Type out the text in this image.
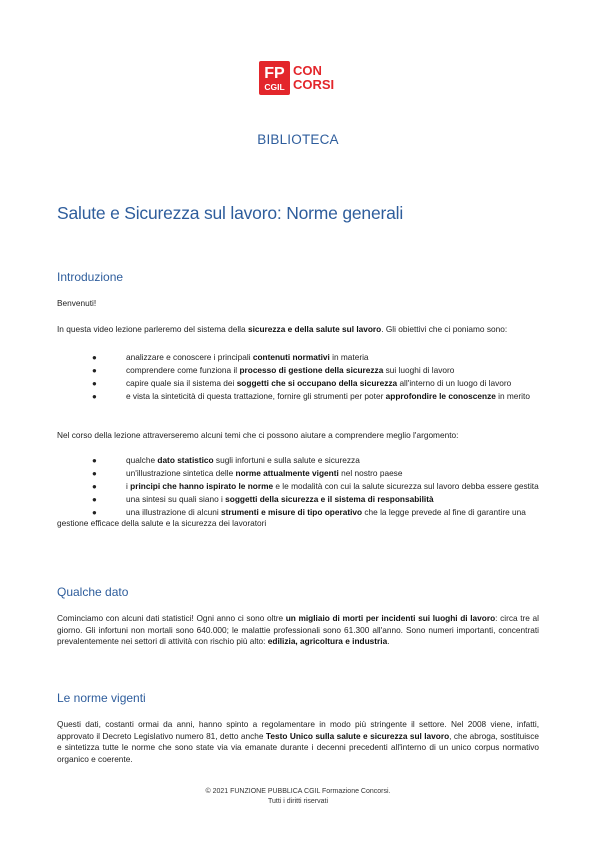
FP
CGIL
CON
CORSI
BIBLIOTECA
Salute e Sicurezza sul lavoro: Norme generali
Introduzione
Benvenuti!
In questa video lezione parleremo del sistema della sicurezza e della salute sul lavoro. Gli obiettivi che ci poniamo sono:
●	analizzare e conoscere i principali contenuti normativi in materia
●	comprendere come funziona il processo di gestione della sicurezza sui luoghi di lavoro
●	capire quale sia il sistema dei soggetti che si occupano della sicurezza all'interno di un luogo di lavoro
●	e vista la sinteticità di questa trattazione, fornire gli strumenti per poter approfondire le conoscenze in merito
Nel corso della lezione attraverseremo alcuni temi che ci possono aiutare a comprendere meglio l'argomento:
●	qualche dato statistico sugli infortuni e sulla salute e sicurezza
●	un'illustrazione sintetica delle norme attualmente vigenti nel nostro paese
●	i principi che hanno ispirato le norme e le modalità con cui la salute sicurezza sul lavoro debba essere gestita
●	una sintesi su quali siano i soggetti della sicurezza e il sistema di responsabilità
●	una illustrazione di alcuni strumenti e misure di tipo operativo che la legge prevede al fine di garantire una gestione efficace della salute e la sicurezza dei lavoratori
Qualche dato
Cominciamo con alcuni dati statistici! Ogni anno ci sono oltre un migliaio di morti per incidenti sui luoghi di lavoro: circa tre al giorno. Gli infortuni non mortali sono 640.000; le malattie professionali sono 61.300 all'anno. Sono numeri importanti, concentrati prevalentemente nei settori di attività con rischio più alto: edilizia, agricoltura e industria.
Le norme vigenti
Questi dati, costanti ormai da anni, hanno spinto a regolamentare in modo più stringente il settore. Nel 2008 viene, infatti, approvato il Decreto Legislativo numero 81, detto anche Testo Unico sulla salute e sicurezza sul lavoro, che abroga, sostituisce e sintetizza tutte le norme che sono state via via emanate durante i decenni precedenti all'interno di un unico corpus normativo organico e coerente.
© 2021 FUNZIONE PUBBLICA CGIL Formazione Concorsi.
Tutti i diritti riservati
